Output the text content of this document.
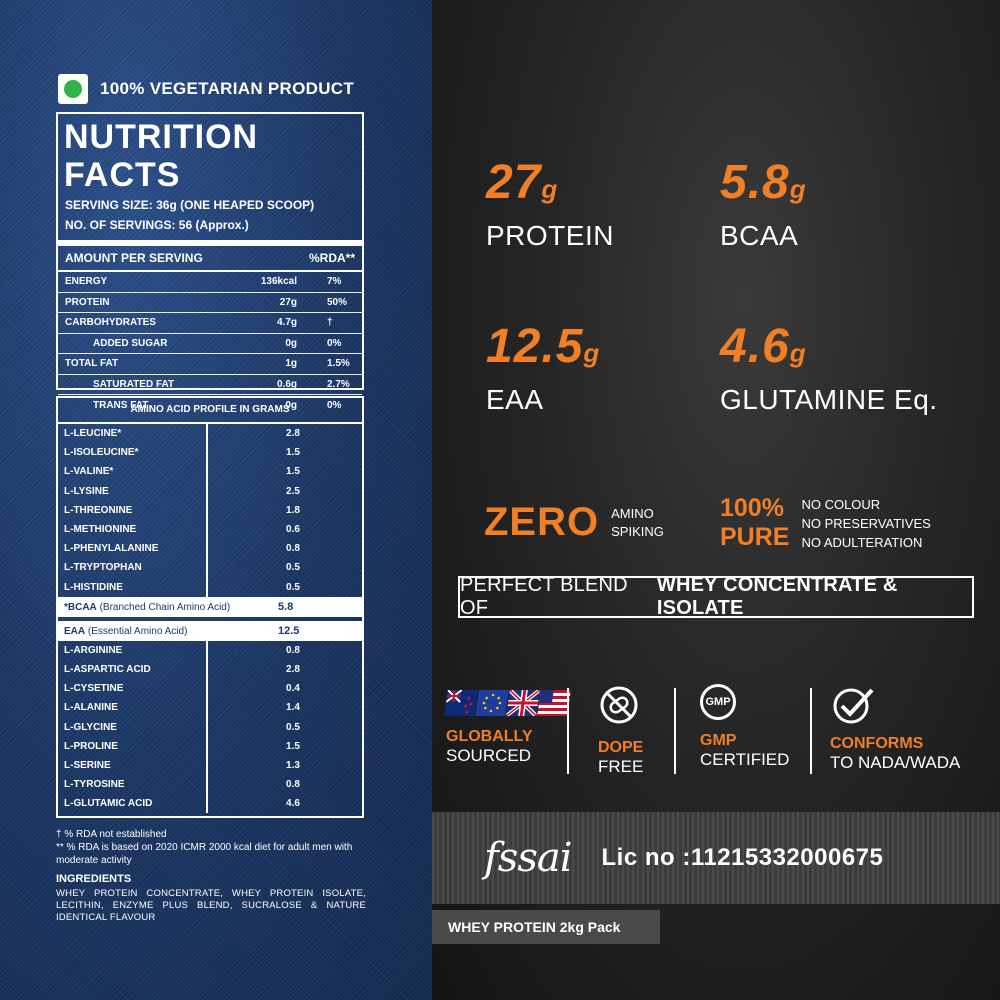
100% VEGETARIAN PRODUCT
NUTRITION FACTS
SERVING SIZE: 36g (ONE HEAPED SCOOP)
NO. OF SERVINGS: 56 (Approx.)
AMOUNT PER SERVING	%RDA**
ENERGY	136kcal	7%
PROTEIN	27g	50%
CARBOHYDRATES	4.7g	†
ADDED SUGAR	0g	0%
TOTAL FAT	1g	1.5%
SATURATED FAT	0.6g	2.7%
TRANS FAT	0g	0%
AMINO ACID PROFILE IN GRAMS
L-LEUCINE*	2.8
L-ISOLEUCINE*	1.5
L-VALINE*	1.5
L-LYSINE	2.5
L-THREONINE	1.8
L-METHIONINE	0.6
L-PHENYLALANINE	0.8
L-TRYPTOPHAN	0.5
L-HISTIDINE	0.5
*BCAA (Branched Chain Amino Acid)	5.8
EAA (Essential Amino Acid)	12.5
L-ARGININE	0.8
L-ASPARTIC ACID	2.8
L-CYSETINE	0.4
L-ALANINE	1.4
L-GLYCINE	0.5
L-PROLINE	1.5
L-SERINE	1.3
L-TYROSINE	0.8
L-GLUTAMIC ACID	4.6
† % RDA not established
** % RDA is based on 2020 ICMR 2000 kcal diet for adult men with moderate activity
INGREDIENTS
WHEY PROTEIN CONCENTRATE, WHEY PROTEIN ISOLATE, LECITHIN, ENZYME PLUS BLEND, SUCRALOSE & NATURE IDENTICAL FLAVOUR
27g
PROTEIN
5.8g
BCAA
12.5g
EAA
4.6g
GLUTAMINE Eq.
ZERO AMINO
SPIKING
100%
PURE
NO COLOUR
NO PRESERVATIVES
NO ADULTERATION
PERFECT BLEND OF
WHEY CONCENTRATE & ISOLATE
GLOBALLY
SOURCED	DOPE
FREE
GMP
GMP
CERTIFIED
CONFORMS
TO NADA/WADA
fssai Lic no :11215332000675
WHEY PROTEIN 2kg Pack
